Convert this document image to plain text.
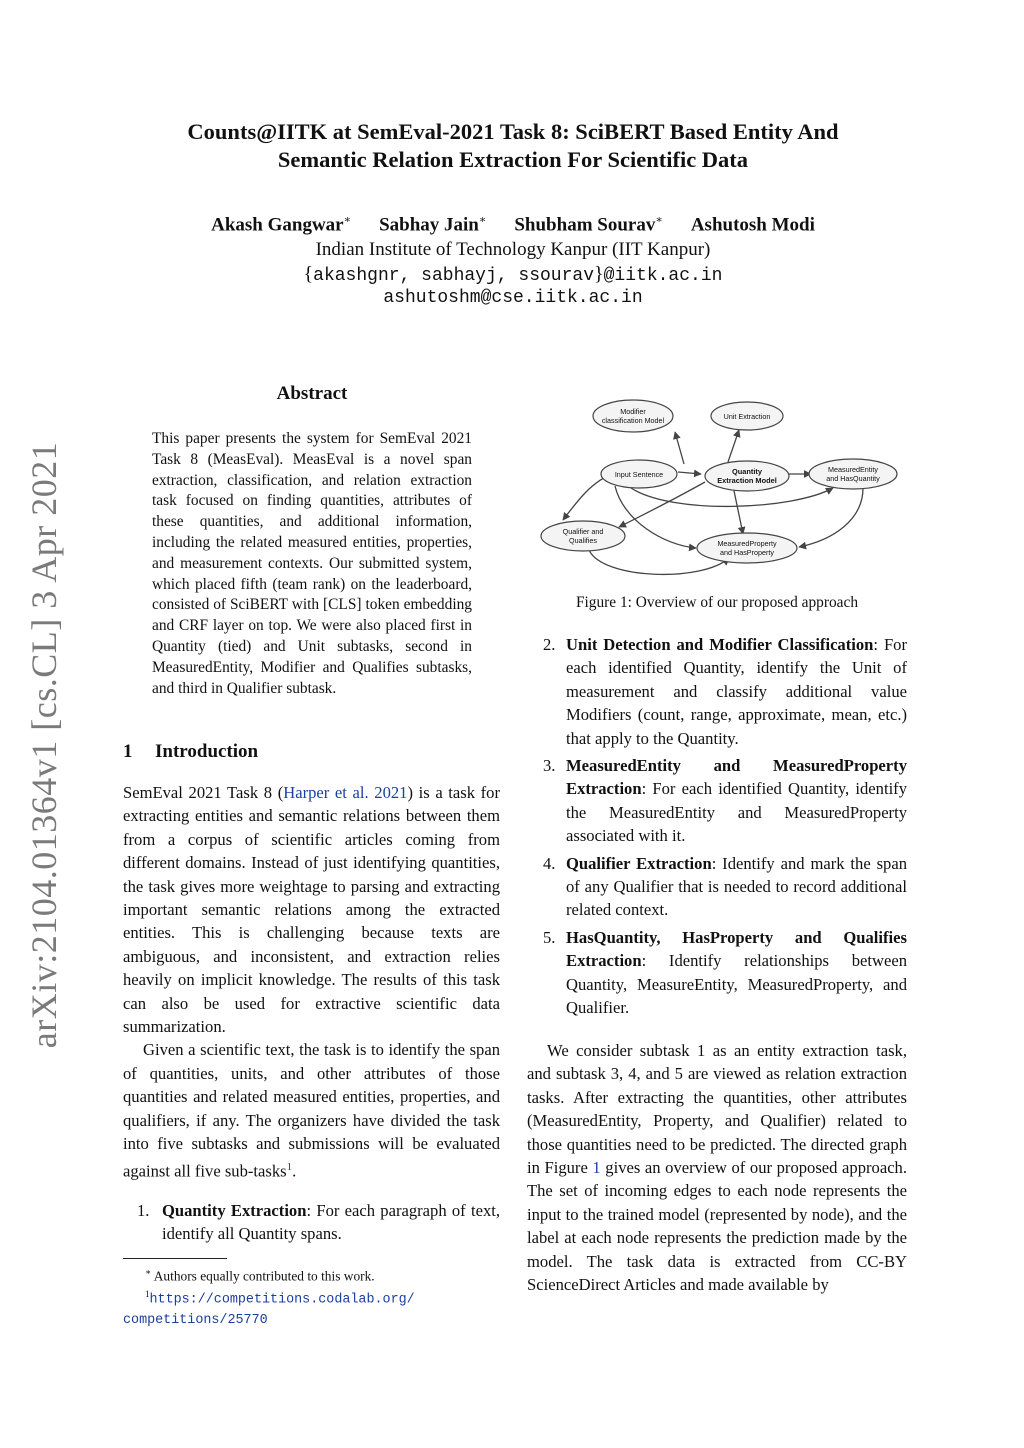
arXiv:2104.01364v1 [cs.CL] 3 Apr 2021
Counts@IITK at SemEval-2021 Task 8: SciBERT Based Entity And
Semantic Relation Extraction For Scientific Data
Akash Gangwar∗ Sabhay Jain∗ Shubham Sourav∗ Ashutosh Modi
Indian Institute of Technology Kanpur (IIT Kanpur)
{akashgnr, sabhayj, ssourav}@iitk.ac.in
ashutoshm@cse.iitk.ac.in
Abstract
This paper presents the system for SemEval 2021 Task 8 (MeasEval). MeasEval is a novel span extraction, classification, and relation extraction task focused on finding quantities, attributes of these quantities, and additional information, including the related measured entities, properties, and measurement contexts. Our submitted system, which placed fifth (team rank) on the leaderboard, consisted of SciBERT with [CLS] token embedding and CRF layer on top. We were also placed first in Quantity (tied) and Unit subtasks, second in MeasuredEntity, Modifier and Qualifies subtasks, and third in Qualifier subtask.
1 Introduction

SemEval 2021 Task 8 (Harper et al. 2021) is a task for extracting entities and semantic relations between them from a corpus of scientific articles coming from different domains. Instead of just identifying quantities, the task gives more weightage to parsing and extracting important semantic relations among the extracted entities. This is challenging because texts are ambiguous, and inconsistent, and extraction relies heavily on implicit knowledge. The results of this task can also be used for extractive scientific data summarization.

Given a scientific text, the task is to identify the span of quantities, units, and other attributes of those quantities and related measured entities, properties, and qualifiers, if any. The organizers have divided the task into five subtasks and submissions will be evaluated against all five sub-tasks$^1$.

1. Quantity Extraction: For each paragraph of text, identify all Quantity spans.
∗ Authors equally contributed to this work.
$^1$https://competitions.codalab.org/
competitions/25770
Modifier
classification Model	Unit Extraction
Input Sentence	Quantity
Extraction Model
MeasuredEntity
and HasQuantity
Qualifier and
Qualifies	MeasuredProperty
and HasProperty
Figure 1: Overview of our proposed approach
2. Unit Detection and Modifier Classification: For each identified Quantity, identify the Unit of measurement and classify additional value Modifiers (count, range, approximate, mean, etc.) that apply to the Quantity.
3. MeasuredEntity and MeasuredProperty Extraction: For each identified Quantity, identify the MeasuredEntity and MeasuredProperty associated with it.
4. Qualifier Extraction: Identify and mark the span of any Qualifier that is needed to record additional related context.
5. HasQuantity, HasProperty and Qualifies Extraction: Identify relationships between Quantity, MeasureEntity, MeasuredProperty, and Qualifier.

We consider subtask 1 as an entity extraction task, and subtask 3, 4, and 5 are viewed as relation extraction tasks. After extracting the quantities, other attributes (MeasuredEntity, Property, and Qualifier) related to those quantities need to be predicted. The directed graph in Figure 1 gives an overview of our proposed approach. The set of incoming edges to each node represents the input to the trained model (represented by node), and the label at each node represents the prediction made by the model. The task data is extracted from CC-BY ScienceDirect Articles and made available by
